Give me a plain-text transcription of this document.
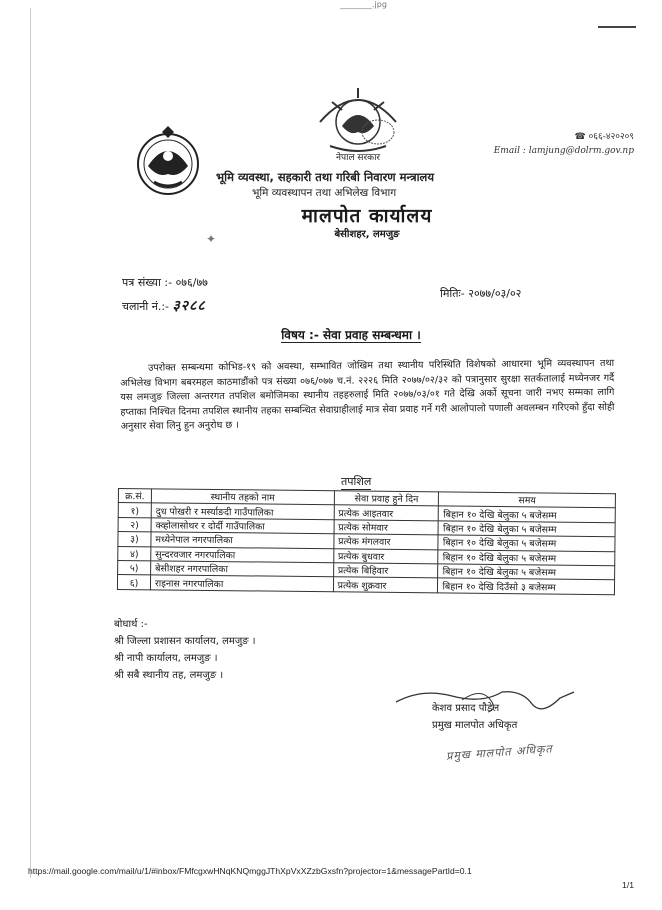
________.jpg
☎ ०६६-४२०२०९
Email : lamjung@dolrm.gov.np
नेपाल सरकार
भूमि व्यवस्था, सहकारी तथा गरिबी निवारण मन्त्रालय
भूमि व्यवस्थापन तथा अभिलेख विभाग
मालपोत कार्यालय
बेसीशहर, लमजुङ
✦
पत्र संख्या :- ०७६/७७
चलानी नं.:- ३२८८
मितिः- २०७७/०३/०२
विषय :- सेवा प्रवाह सम्बन्धमा ।

उपरोक्त सम्बन्धमा कोभिड-१९ को अवस्था, सम्भावित जोखिम तथा स्थानीय परिस्थिति विशेषको आधारमा भूमि व्यवस्थापन तथा अभिलेख विभाग बबरमहल काठमाडौंको पत्र संख्या ०७६/०७७ च.नं. २२२६ मिति २०७७/०२/३२ को पत्रानुसार सुरक्षा सतर्कतालाई मध्येनजर गर्दै यस लमजुङ जिल्ला अन्तरगत तपशिल बमोजिमका स्थानीय तहहरुलाई मिति २०७७/०३/०१ गते देखि अर्को सूचना जारी नभए सम्मका लागि हप्ताका निश्चित दिनमा तपशिल स्थानीय तहका सम्बन्धित सेवाग्राहीलाई मात्र सेवा प्रवाह गर्ने गरी आलोपालो पणाली अवलम्बन गरिएको हुँदा सोही अनुसार सेवा लिनु हुन अनुरोध छ ।

तपशिल
क्र.सं.	स्थानीय तहको नाम	सेवा प्रवाह हुने दिन	समय
१)	दुध पोखरी र मर्स्याङदी गाउँपालिका	प्रत्येक आइतवार	बिहान १० देखि बेलुका ५ बजेसम्म
२)	क्व्होलासोथर र दोर्दी गाउँपालिका	प्रत्येक सोमवार	बिहान १० देखि बेलुका ५ बजेसम्म
३)	मध्येनेपाल नगरपालिका	प्रत्येक मंगलवार	बिहान १० देखि बेलुका ५ बजेसम्म
४)	सुन्दरवजार नगरपालिका	प्रत्येक बुधवार	बिहान १० देखि बेलुका ५ बजेसम्म
५)	बेसीशहर नगरपालिका	प्रत्येक बिहिवार	बिहान १० देखि बेलुका ५ बजेसम्म
६)	राइनास नगरपालिका	प्रत्येक शुक्रवार	बिहान १० देखि दिउँसो ३ बजेसम्म
बोधार्थ :-
श्री जिल्ला प्रशासन कार्यालय, लमजुङ ।
श्री नापी कार्यालय, लमजुङ ।
श्री सबै स्थानीय तह, लमजुङ ।
केशव प्रसाद पौडेल
प्रमुख मालपोत अधिकृत
प्रमुख मालपोत अधिकृत
https://mail.google.com/mail/u/1/#inbox/FMfcgxwHNqKNQmggJThXpVxXZzbGxsfn?projector=1&messagePartId=0.1
1/1
